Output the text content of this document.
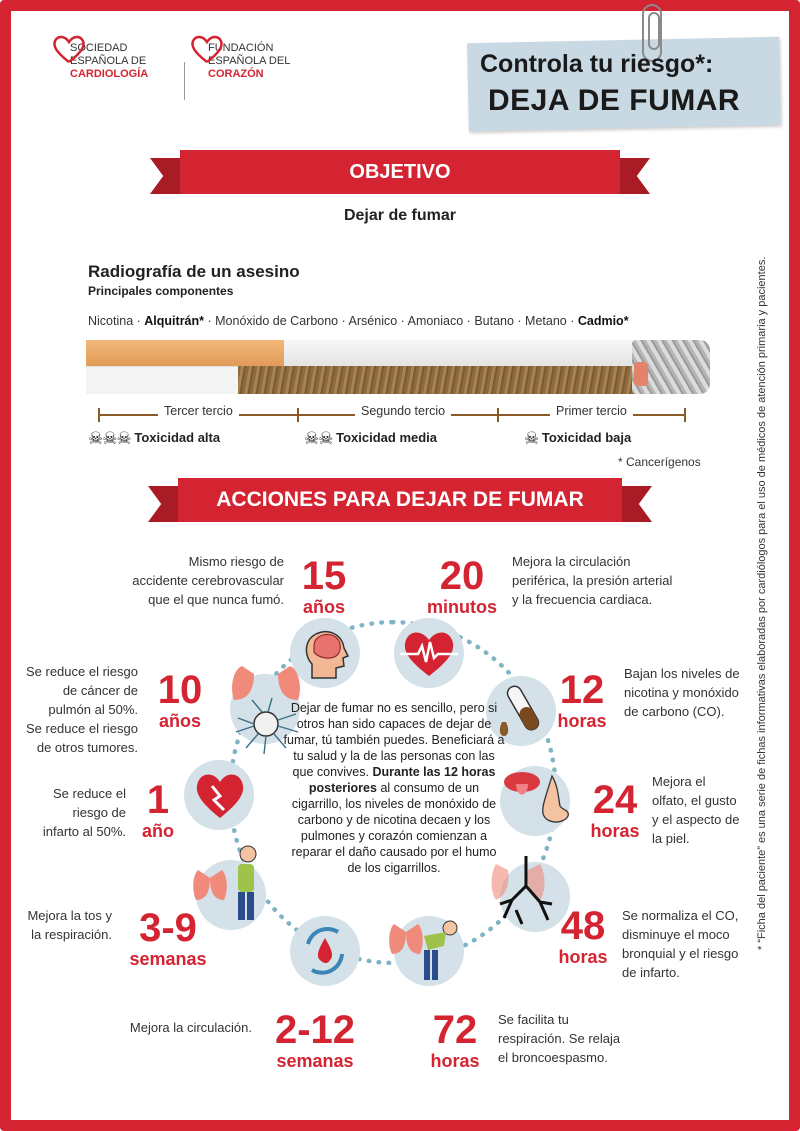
SOCIEDAD
ESPAÑOLA DE
CARDIOLOGÍA
FUNDACIÓN
ESPAÑOLA DEL
CORAZÓN	Controla tu riesgo*:
DEJA DE FUMAR
OBJETIVO
Dejar de fumar
Radiografía de un asesino
Principales componentes
Nicotina · Alquitrán* · Monóxido de Carbono · Arsénico · Amoniaco · Butano · Metano · Cadmio*
Tercer tercio	Segundo tercio	Primer tercio
☠☠☠ Toxicidad alta	☠☠ Toxicidad media	☠ Toxicidad baja
* Cancerígenos	* “Ficha del paciente” es una serie de fichas informativas elaboradas por cardiólogos para el uso de médicos de atención primaria y pacientes.
ACCIONES PARA DEJAR DE FUMAR
Dejar de fumar no es sencillo, pero si otros han sido capaces de dejar de fumar, tú también puedes. Beneficiará a tu salud y la de las personas con las que convives. Durante las 12 horas posteriores al consumo de un cigarrillo, los niveles de monóxido de carbono y de nicotina decaen y los pulmones y corazón comienzan a reparar el daño causado por el humo de los cigarrillos.
15
años
Mismo riesgo de
accidente cerebrovascular
que el que nunca fumó.
20
minutos
Mejora la circulación
periférica, la presión arterial
y la frecuencia cardiaca.
10
años
Se reduce el riesgo
de cáncer de
pulmón al 50%.
Se reduce el riesgo
de otros tumores.
12
horas
Bajan los niveles de
nicotina y monóxido
de carbono (CO).
1
año
Se reduce el
riesgo de
infarto al 50%.
24
horas
Mejora el
olfato, el gusto
y el aspecto de
la piel.
3-9
semanas
Mejora la tos y
la respiración.	48
horas
Se normaliza el CO,
disminuye el moco
bronquial y el riesgo
de infarto.
2-12
semanas
Mejora la circulación.	72
horas
Se facilita tu
respiración. Se relaja
el broncoespasmo.
